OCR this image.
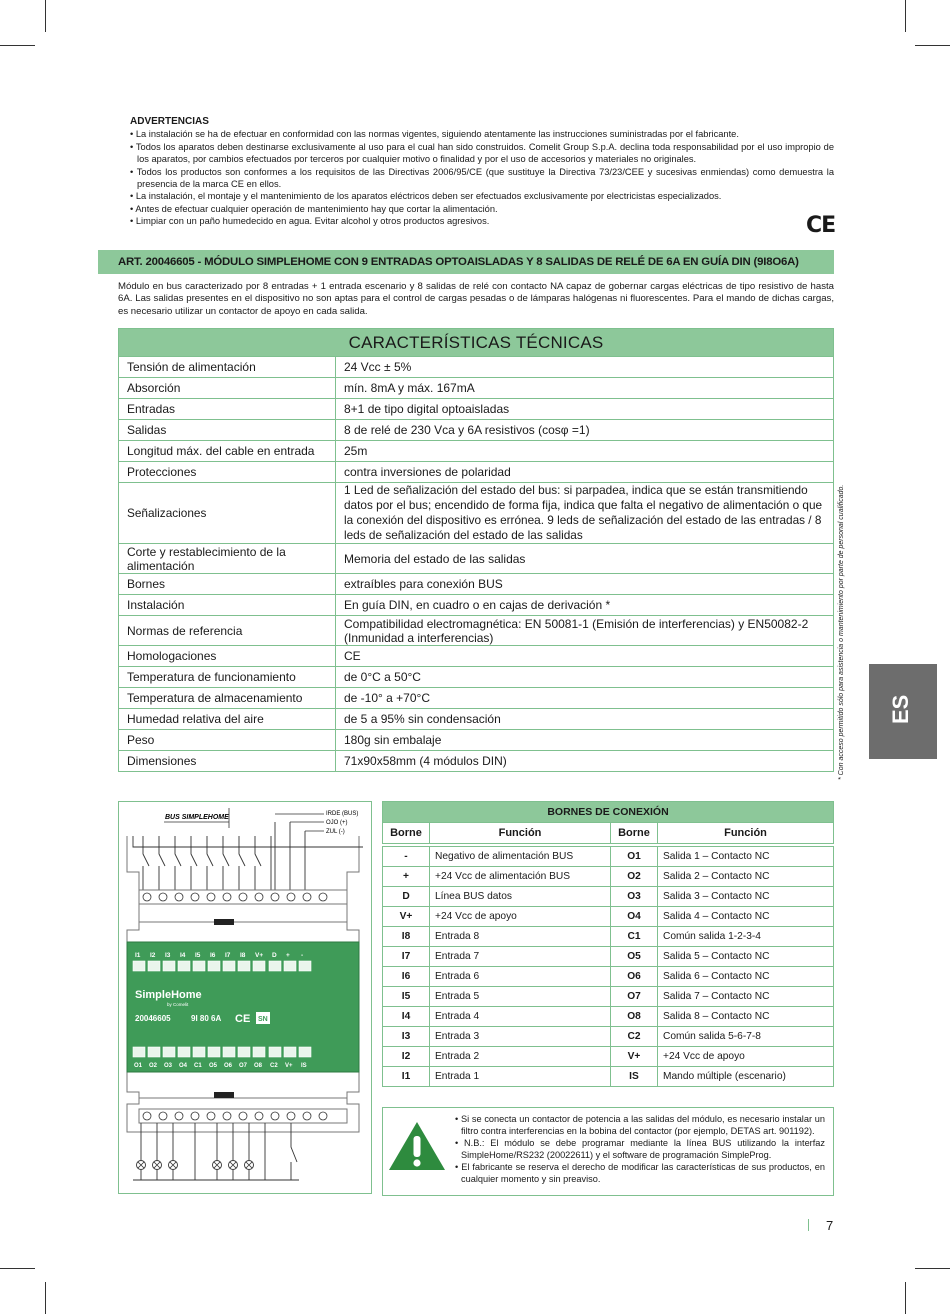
ADVERTENCIAS
• La instalación se ha de efectuar en conformidad con las normas vigentes, siguiendo atentamente las instrucciones suministradas por el fabricante.
• Todos los aparatos deben destinarse exclusivamente al uso para el cual han sido construidos. Comelit Group S.p.A. declina toda responsabilidad por el uso impropio de los aparatos, por cambios efectuados por terceros por cualquier motivo o finalidad y por el uso de accesorios y materiales no originales.
• Todos los productos son conformes a los requisitos de las Directivas 2006/95/CE (que sustituye la Directiva 73/23/CEE y sucesivas enmiendas) como demuestra la presencia de la marca CE en ellos.
• La instalación, el montaje y el mantenimiento de los aparatos eléctricos deben ser efectuados exclusivamente por electricistas especializados.
• Antes de efectuar cualquier operación de mantenimiento hay que cortar la alimentación.
• Limpiar con un paño humedecido en agua. Evitar alcohol y otros productos agresivos.	CE
ART. 20046605 - MÓDULO SIMPLEHOME CON 9 ENTRADAS OPTOAISLADAS Y 8 SALIDAS DE RELÉ DE 6A EN GUÍA DIN (9I8O6A)
Módulo en bus caracterizado por 8 entradas + 1 entrada escenario y 8 salidas de relé con contacto NA capaz de gobernar cargas eléctricas de tipo resistivo de hasta 6A. Las salidas presentes en el dispositivo no son aptas para el control de cargas pesadas o de lámparas halógenas ni fluorescentes. Para el mando de dichas cargas, es necesario utilizar un contactor de apoyo en cada salida.
CARACTERÍSTICAS TÉCNICAS	
Tensión de alimentación	24 Vcc ± 5%
Absorción	mín. 8mA y máx. 167mA
Entradas	8+1 de tipo digital optoaisladas
Salidas	8 de relé de 230 Vca y 6A resistivos (cosφ =1)
Longitud máx. del cable en entrada	25m
Protecciones	contra inversiones de polaridad
Señalizaciones	1 Led de señalización del estado del bus: si parpadea, indica que se están transmitiendo datos por el bus; encendido de forma fija, indica que falta el negativo de alimentación o que la conexión del dispositivo es errónea. 9 leds de señalización del estado de las entradas / 8 leds de señalización del estado de las salidas
Corte y restablecimiento de la alimentación	Memoria del estado de las salidas
Bornes	extraíbles para conexión BUS
Instalación	En guía DIN, en cuadro o en cajas de derivación *
Normas de referencia	Compatibilidad electromagnética: EN 50081-1 (Emisión de interferencias) y EN50082-2 (Inmunidad a interferencias)
Homologaciones	CE
Temperatura de funcionamiento	de 0°C a 50°C
Temperatura de almacenamiento	de -10° a +70°C
Humedad relativa del aire	de 5 a 95% sin condensación
Peso	180g sin embalaje
Dimensiones	71x90x58mm (4 módulos DIN)	* Con acceso permitido sólo para asistencia o mantenimiento por parte de personal cualificado. ES
BUS SIMPLEHOME	IRDE (BUS)
OJO (+)
ZUL (-)
I1 I2 I3 I4 I5 I6 I7 I8 V+ D + -
SimpleHome
by Comelit
20046605	9I 80 6A CE SN
O1 O2 O3 O4 C1 O5 O6 O7 O8 C2 V+ IS
BORNES DE CONEXIÓN			
Borne	Función	Borne	Función

-	Negativo de alimentación BUS	O1	Salida 1 – Contacto NC
+	+24 Vcc de alimentación BUS	O2	Salida 2 – Contacto NC
D	Línea BUS datos	O3	Salida 3 – Contacto NC
V+	+24 Vcc de apoyo	O4	Salida 4 – Contacto NC
I8	Entrada 8	C1	Común salida 1-2-3-4
I7	Entrada 7	O5	Salida 5 – Contacto NC
I6	Entrada 6	O6	Salida 6 – Contacto NC
I5	Entrada 5	O7	Salida 7 – Contacto NC
I4	Entrada 4	O8	Salida 8 – Contacto NC
I3	Entrada 3	C2	Común salida 5-6-7-8
I2	Entrada 2	V+	+24 Vcc de apoyo
I1	Entrada 1	IS	Mando múltiple (escenario)
• Si se conecta un contactor de potencia a las salidas del módulo, es necesario instalar un filtro contra interferencias en la bobina del contactor (por ejemplo, DETAS art. 901192).
• N.B.: El módulo se debe programar mediante la línea BUS utilizando la interfaz SimpleHome/RS232 (20022611) y el software de programación SimpleProg.
• El fabricante se reserva el derecho de modificar las características de sus productos, en cualquier momento y sin preaviso.
7
